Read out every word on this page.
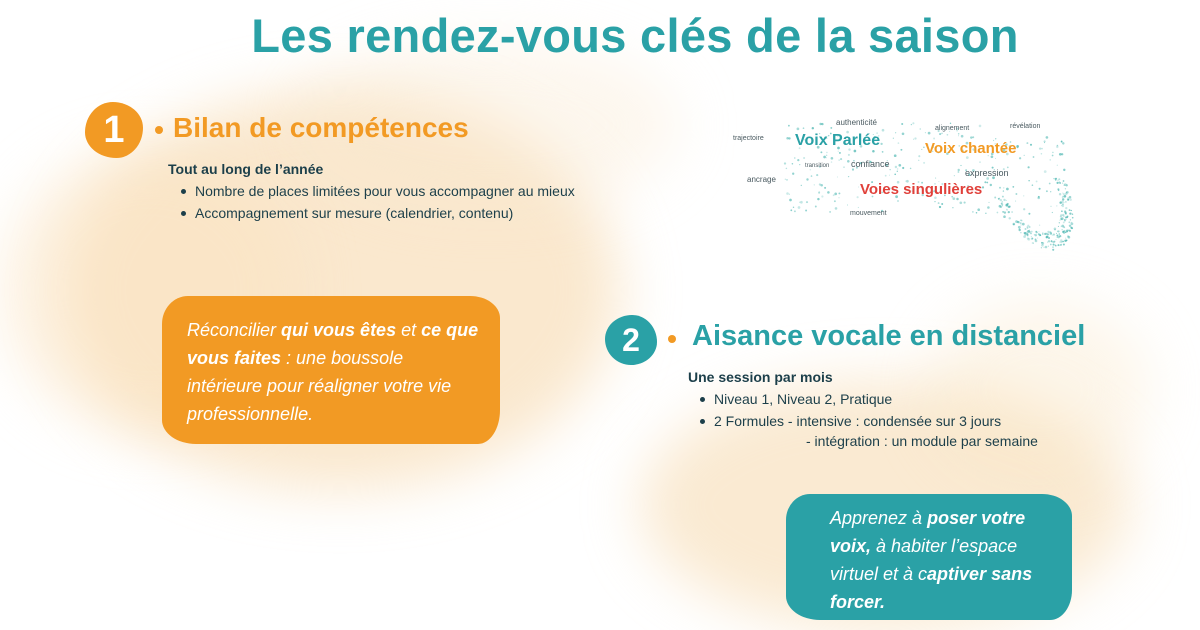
Les rendez-vous clés de la saison
1	Bilan de compétences

Tout au long de l’année

Nombre de places limitées pour vous accompagner au mieux
Accompagnement sur mesure (calendrier, contenu)
Réconcilier qui vous êtes et ce que vous faites : une boussole intérieure pour réaligner votre vie professionnelle.
authenticité
trajectoire Voix Parlée
alignement	révélation
Voix chantée
transition confiance
expression
ancrage
Voies singulières
mouvement
2	Aisance vocale en distanciel

Une session par mois

Niveau 1, Niveau 2, Pratique
2 Formules - intensive : condensée sur 3 jours
- intégration : un module par semaine
Apprenez à poser votre voix, à habiter l’espace virtuel et à captiver sans forcer.
